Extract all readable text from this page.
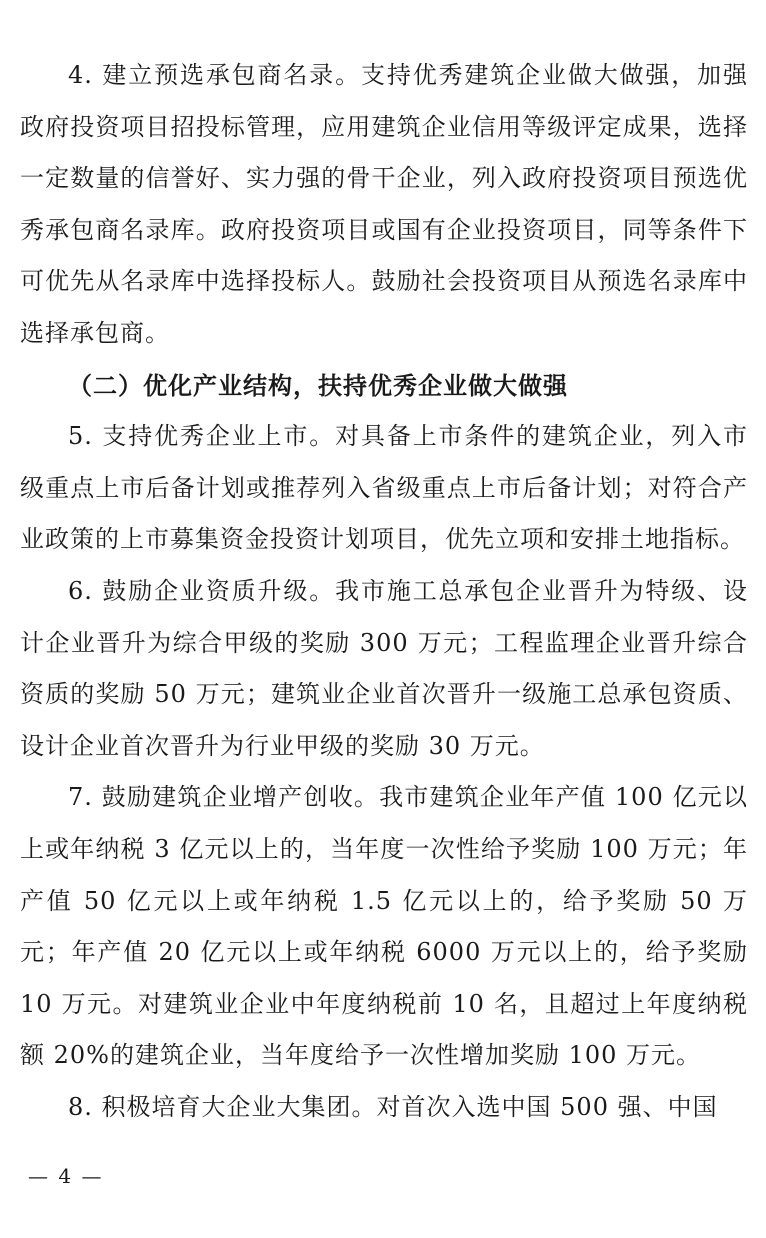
4. 建立预选承包商名录。支持优秀建筑企业做大做强，加强政府投资项目招投标管理，应用建筑企业信用等级评定成果，选择一定数量的信誉好、实力强的骨干企业，列入政府投资项目预选优秀承包商名录库。政府投资项目或国有企业投资项目，同等条件下可优先从名录库中选择投标人。鼓励社会投资项目从预选名录库中选择承包商。

（二）优化产业结构，扶持优秀企业做大做强

5. 支持优秀企业上市。对具备上市条件的建筑企业，列入市级重点上市后备计划或推荐列入省级重点上市后备计划；对符合产业政策的上市募集资金投资计划项目，优先立项和安排土地指标。

6. 鼓励企业资质升级。我市施工总承包企业晋升为特级、设计企业晋升为综合甲级的奖励 300 万元；工程监理企业晋升综合资质的奖励 50 万元；建筑业企业首次晋升一级施工总承包资质、设计企业首次晋升为行业甲级的奖励 30 万元。

7. 鼓励建筑企业增产创收。我市建筑企业年产值 100 亿元以上或年纳税 3 亿元以上的，当年度一次性给予奖励 100 万元；年产值 50 亿元以上或年纳税 1.5 亿元以上的，给予奖励 50 万元；年产值 20 亿元以上或年纳税 6000 万元以上的，给予奖励 10 万元。对建筑业企业中年度纳税前 10 名，且超过上年度纳税额 20%的建筑企业，当年度给予一次性增加奖励 100 万元。

8. 积极培育大企业大集团。对首次入选中国 500 强、中国

— 4 —
